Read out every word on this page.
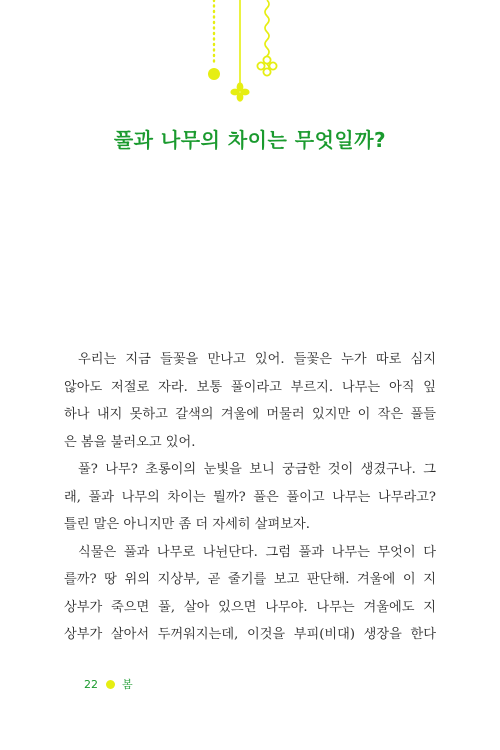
풀과 나무의 차이는 무엇일까?
우리는 지금 들꽃을 만나고 있어. 들꽃은 누가 따로 심지
않아도 저절로 자라. 보통 풀이라고 부르지. 나무는 아직 잎
하나 내지 못하고 갈색의 겨울에 머물러 있지만 이 작은 풀들
은 봄을 불러오고 있어.
풀? 나무? 초롱이의 눈빛을 보니 궁금한 것이 생겼구나. 그
래, 풀과 나무의 차이는 뭘까? 풀은 풀이고 나무는 나무라고?
틀린 말은 아니지만 좀 더 자세히 살펴보자.
식물은 풀과 나무로 나뉜단다. 그럼 풀과 나무는 무엇이 다
를까? 땅 위의 지상부, 곧 줄기를 보고 판단해. 겨울에 이 지
상부가 죽으면 풀, 살아 있으면 나무야. 나무는 겨울에도 지
상부가 살아서 두꺼워지는데, 이것을 부피(비대) 생장을 한다
22 봄
